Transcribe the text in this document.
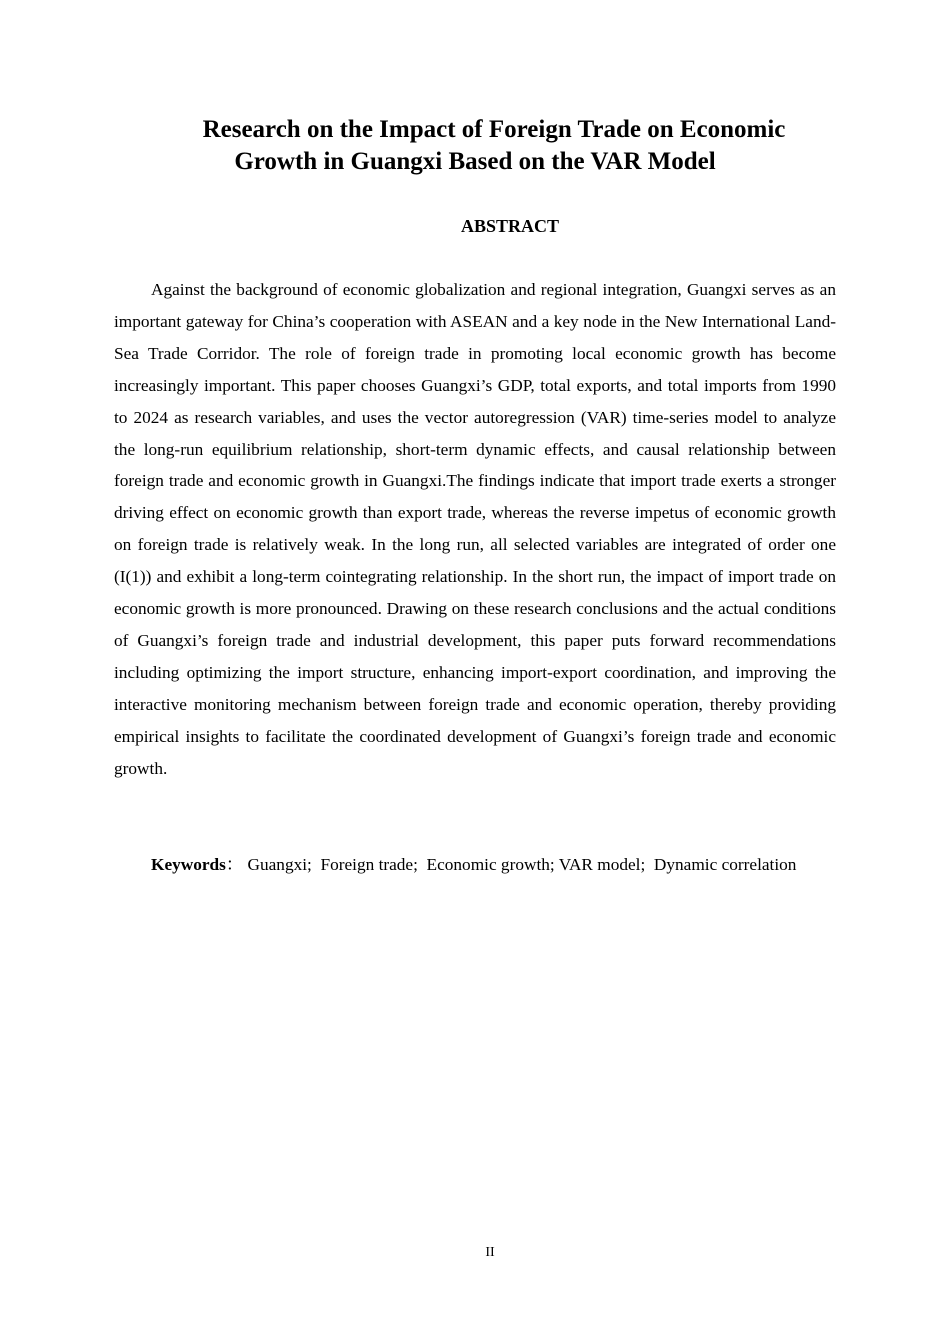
Research on the Impact of Foreign Trade on Economic
Growth in Guangxi Based on the VAR Model
ABSTRACT

Against the background of economic globalization and regional integration, Guangxi serves as an important gateway for China’s cooperation with ASEAN and a key node in the New International Land-Sea Trade Corridor. The role of foreign trade in promoting local economic growth has become increasingly important. This paper chooses Guangxi’s GDP, total exports, and total imports from 1990 to 2024 as research variables, and uses the vector autoregression (VAR) time-series model to analyze the long-run equilibrium relationship, short-term dynamic effects, and causal relationship between foreign trade and economic growth in Guangxi.The findings indicate that import trade exerts a stronger driving effect on economic growth than export trade, whereas the reverse impetus of economic growth on foreign trade is relatively weak. In the long run, all selected variables are integrated of order one (I(1)) and exhibit a long-term cointegrating relationship. In the short run, the impact of import trade on economic growth is more pronounced. Drawing on these research conclusions and the actual conditions of Guangxi’s foreign trade and industrial development, this paper puts forward recommendations including optimizing the import structure, enhancing import-export coordination, and improving the interactive monitoring mechanism between foreign trade and economic operation, thereby providing empirical insights to facilitate the coordinated development of Guangxi’s foreign trade and economic growth.

Keywords： Guangxi; Foreign trade; Economic growth; VAR model; Dynamic correlation

II
